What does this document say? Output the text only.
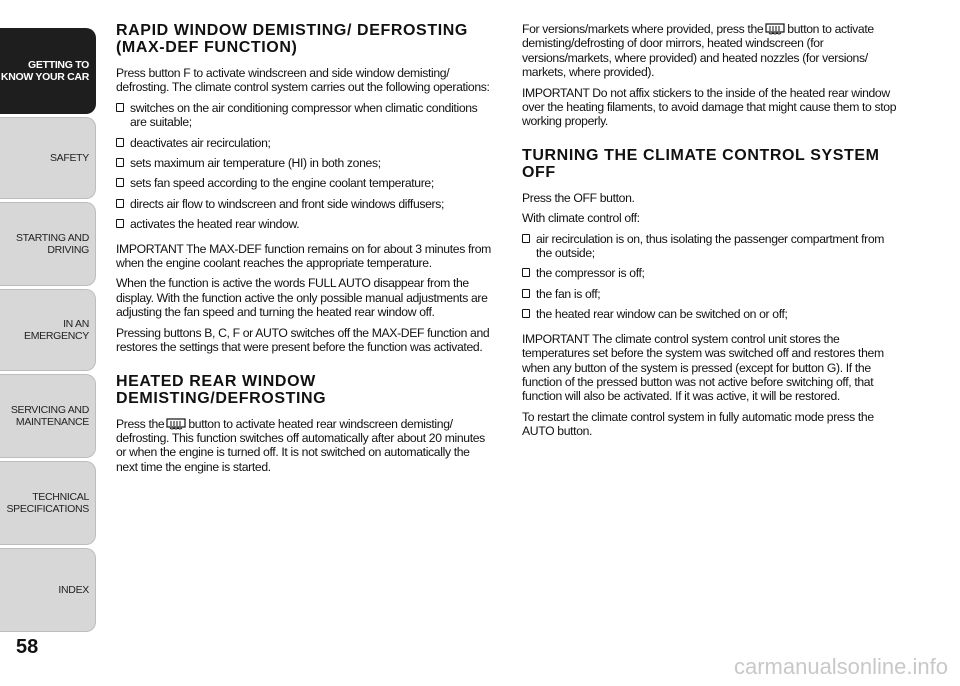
GETTING TO KNOW YOUR CAR
SAFETY
STARTING AND DRIVING
IN AN EMERGENCY
SERVICING AND MAINTENANCE
TECHNICAL SPECIFICATIONS
INDEX
58
RAPID WINDOW DEMISTING/ DEFROSTING (MAX-DEF FUNCTION)

Press button F to activate windscreen and side window demisting/ defrosting. The climate control system carries out the following operations:

switches on the air conditioning compressor when climatic conditions are suitable;
deactivates air recirculation;
sets maximum air temperature (HI) in both zones;
sets fan speed according to the engine coolant temperature;
directs air flow to windscreen and front side windows diffusers;
activates the heated rear window.

IMPORTANT The MAX-DEF function remains on for about 3 minutes from when the engine coolant reaches the appropriate temperature.

When the function is active the words FULL AUTO disappear from the display. With the function active the only possible manual adjustments are adjusting the fan speed and turning the heated rear window off.

Pressing buttons B, C, F or AUTO switches off the MAX-DEF function and restores the settings that were present before the function was activated.

HEATED REAR WINDOW DEMISTING/DEFROSTING

Press the button to activate heated rear windscreen demisting/ defrosting. This function switches off automatically after about 20 minutes or when the engine is turned off. It is not switched on automatically the next time the engine is started.

For versions/markets where provided, press the button to activate demisting/defrosting of door mirrors, heated windscreen (for versions/markets, where provided) and heated nozzles (for versions/ markets, where provided).

IMPORTANT Do not affix stickers to the inside of the heated rear window over the heating filaments, to avoid damage that might cause them to stop working properly.

TURNING THE CLIMATE CONTROL SYSTEM OFF

Press the OFF button.

With climate control off:

air recirculation is on, thus isolating the passenger compartment from the outside;
the compressor is off;
the fan is off;
the heated rear window can be switched on or off;

IMPORTANT The climate control system control unit stores the temperatures set before the system was switched off and restores them when any button of the system is pressed (except for button G). If the function of the pressed button was not active before switching off, that function will also be activated. If it was active, it will be restored.

To restart the climate control system in fully automatic mode press the AUTO button.

carmanualsonline.info
